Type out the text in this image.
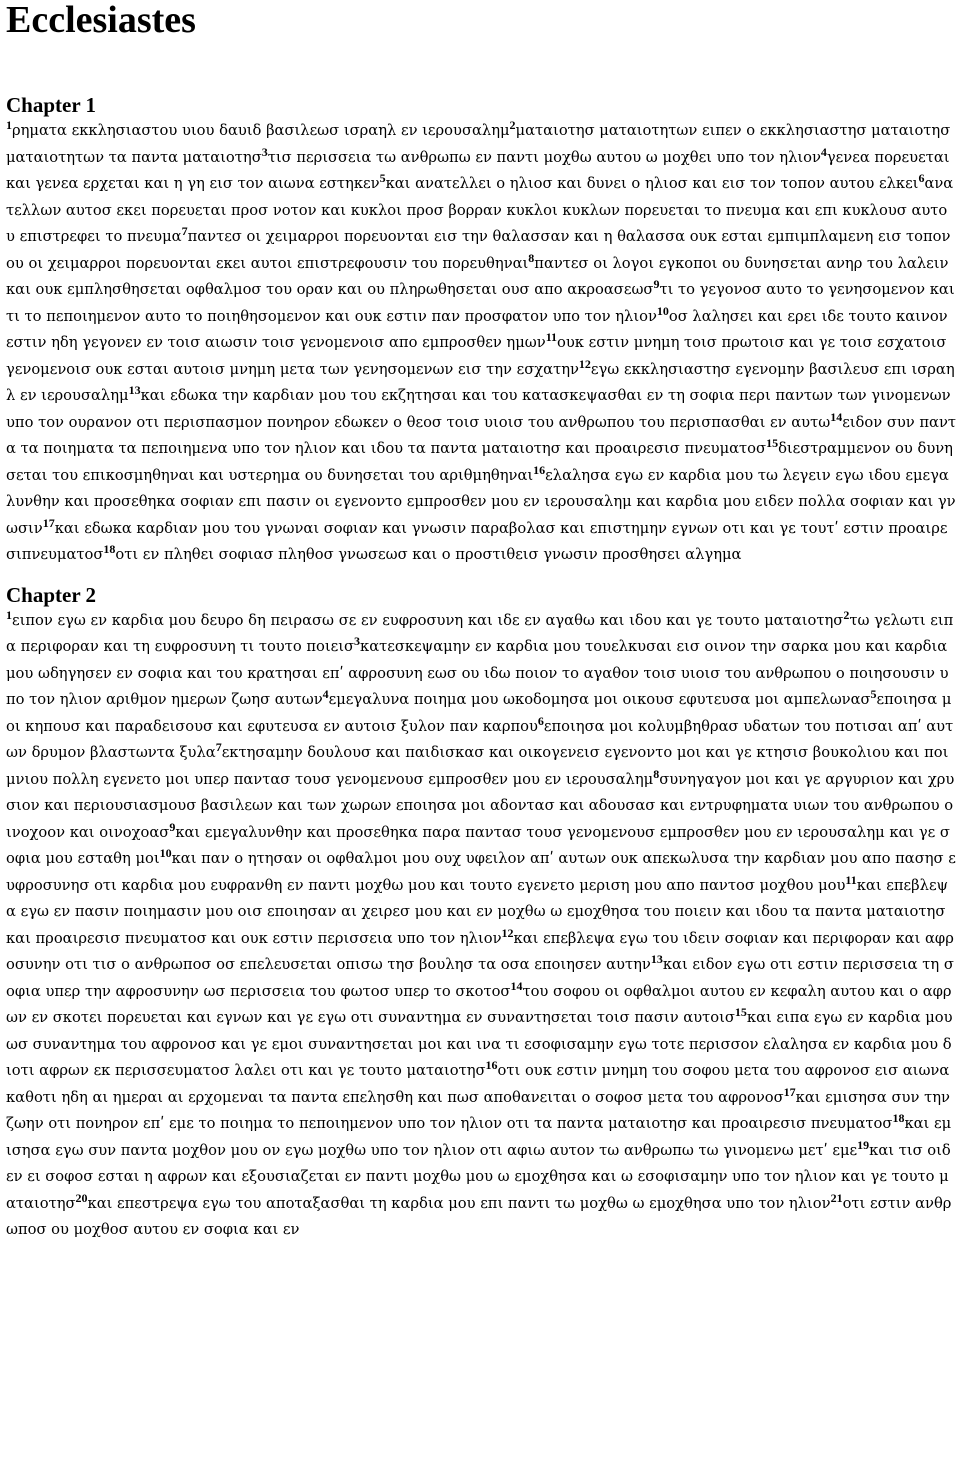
Ecclesiastes
Chapter 1
$^1$ρηματα εκκλησιαστου υιου δαυιδ βασιλεωσ ισραηλ εν ιερουσαλημ$^2$ματαιοτησ ματαιοτητων ειπεν ο εκκλησιαστησ ματαιοτησ ματαιοτητων τα παντα ματαιοτησ$^3$τισ περισσεια τω ανθρωπω εν παντι μοχθω αυτου ω μοχθει υπο τον ηλιον$^4$γενεα πορευεται και γενεα ερχεται και η γη εισ τον αιωνα εστηκεν$^5$και ανατελλει ο ηλιοσ και δυνει ο ηλιοσ και εισ τον τοπον αυτου ελκει$^6$ανατελλων αυτοσ εκει πορευεται προσ νοτον και κυκλοι προσ βορραν κυκλοι κυκλων πορευεται το πνευμα και επι κυκλουσ αυτου επιστρεφει το πνευμα$^7$παντεσ οι χειμαρροι πορευονται εισ την θαλασσαν και η θαλασσα ουκ εσται εμπιμπλαμενη εισ τοπον ου οι χειμαρροι πορευονται εκει αυτοι επιστρεφουσιν του πορευθηναι$^8$παντεσ οι λογοι εγκοποι ου δυνησεται ανηρ του λαλειν και ουκ εμπλησθησεται οφθαλμοσ του οραν και ου πληρωθησεται ουσ απο ακροασεωσ$^9$τι το γεγονοσ αυτο το γενησομενον και τι το πεποιημενον αυτο το ποιηθησομενον και ουκ εστιν παν προσφατον υπο τον ηλιον$^{10}$οσ λαλησει και ερει ιδε τουτο καινον εστιν ηδη γεγονεν εν τοισ αιωσιν τοισ γενομενοισ απο εμπροσθεν ημων$^{11}$ουκ εστιν μνημη τοισ πρωτοισ και γε τοισ εσχατοισ γενομενοισ ουκ εσται αυτοισ μνημη μετα των γενησομενων εισ την εσχατην$^{12}$εγω εκκλησιαστησ εγενομην βασιλευσ επι ισραηλ εν ιερουσαλημ$^{13}$και εδωκα την καρδιαν μου του εκζητησαι και του κατασκεψασθαι εν τη σοφια περι παντων των γινομενων υπο τον ουρανον οτι περισπασμον πονηρον εδωκεν ο θεοσ τοισ υιοισ του ανθρωπου του περισπασθαι εν αυτω$^{14}$ειδον συν παντα τα ποιηματα τα πεποιημενα υπο τον ηλιον και ιδου τα παντα ματαιοτησ και προαιρεσισ πνευματοσ$^{15}$διεστραμμενον ου δυνησεται του επικοσμηθηναι και υστερημα ου δυνησεται του αριθμηθηναι$^{16}$ελαλησα εγω εν καρδια μου τω λεγειν εγω ιδου εμεγαλυνθην και προσεθηκα σοφιαν επι πασιν οι εγενοντο εμπροσθεν μου εν ιερουσαλημ και καρδια μου ειδεν πολλα σοφιαν και γνωσιν$^{17}$και εδωκα καρδιαν μου του γνωναι σοφιαν και γνωσιν παραβολασ και επιστημην εγνων οτι και γε τουτʹ εστιν προαιρεσιπνευματοσ$^{18}$οτι εν πληθει σοφιασ πληθοσ γνωσεωσ και ο προστιθεισ γνωσιν προσθησει αλγημα
Chapter 2
$^1$ειπον εγω εν καρδια μου δευρο δη πειρασω σε εν ευφροσυνη και ιδε εν αγαθω και ιδου και γε τουτο ματαιοτησ$^2$τω γελωτι ειπα περιφοραν και τη ευφροσυνη τι τουτο ποιεισ$^3$κατεσκεψαμην εν καρδια μου τουελκυσαι εισ οινον την σαρκα μου και καρδια μου ωδηγησεν εν σοφια και του κρατησαι επʹ αφροσυνη εωσ ου ιδω ποιον το αγαθον τοισ υιοισ του ανθρωπου ο ποιησουσιν υπο τον ηλιον αριθμον ημερων ζωησ αυτων$^4$εμεγαλυνα ποιημα μου ωκοδομησα μοι οικουσ εφυτευσα μοι αμπελωνασ$^5$εποιησα μοι κηπουσ και παραδεισουσ και εφυτευσα εν αυτοισ ξυλον παν καρπου$^6$εποιησα μοι κολυμβηθρασ υδατων του ποτισαι απʹ αυτων δρυμον βλαστωντα ξυλα$^7$εκτησαμην δουλουσ και παιδισκασ και οικογενεισ εγενοντο μοι και γε κτησισ βουκολιου και ποιμνιου πολλη εγενετο μοι υπερ παντασ τουσ γενομενουσ εμπροσθεν μου εν ιερουσαλημ$^8$συνηγαγον μοι και γε αργυριον και χρυσιον και περιουσιασμουσ βασιλεων και των χωρων εποιησα μοι αδοντασ και αδουσασ και εντρυφηματα υιων του ανθρωπου οινοχοον και οινοχοασ$^9$και εμεγαλυνθην και προσεθηκα παρα παντασ τουσ γενομενουσ εμπροσθεν μου εν ιερουσαλημ και γε σοφια μου εσταθη μοι$^{10}$και παν ο ητησαν οι οφθαλμοι μου ουχ υφειλον απʹ αυτων ουκ απεκωλυσα την καρδιαν μου απο πασησ ευφροσυνησ οτι καρδια μου ευφρανθη εν παντι μοχθω μου και τουτο εγενετο μεριση μου απο παντοσ μοχθου μου$^{11}$και επεβλεψα εγω εν πασιν ποιημασιν μου οισ εποιησαν αι χειρεσ μου και εν μοχθω ω εμοχθησα του ποιειν και ιδου τα παντα ματαιοτησ και προαιρεσισ πνευματοσ και ουκ εστιν περισσεια υπο τον ηλιον$^{12}$και επεβλεψα εγω του ιδειν σοφιαν και περιφοραν και αφροσυνην οτι τισ ο ανθρωποσ οσ επελευσεται οπισω τησ βουλησ τα οσα εποιησεν αυτην$^{13}$και ειδον εγω οτι εστιν περισσεια τη σοφια υπερ την αφροσυνην ωσ περισσεια του φωτοσ υπερ το σκοτοσ$^{14}$του σοφου οι οφθαλμοι αυτου εν κεφαλη αυτου και ο αφρων εν σκοτει πορευεται και εγνων και γε εγω οτι συναντημα εν συναντησεται τοισ πασιν αυτοισ$^{15}$και ειπα εγω εν καρδια μου ωσ συναντημα του αφρονοσ και γε εμοι συναντησεται μοι και ινα τι εσοφισαμην εγω τοτε περισσον ελαλησα εν καρδια μου διοτι αφρων εκ περισσευματοσ λαλει οτι και γε τουτο ματαιοτησ$^{16}$οτι ουκ εστιν μνημη του σοφου μετα του αφρονοσ εισ αιωνα καθοτι ηδη αι ημεραι αι ερχομεναι τα παντα επελησθη και πωσ αποθανειται ο σοφοσ μετα του αφρονοσ$^{17}$και εμισησα συν την ζωην οτι πονηρον επʹ εμε το ποιημα το πεποιημενον υπο τον ηλιον οτι τα παντα ματαιοτησ και προαιρεσισ πνευματοσ$^{18}$και εμισησα εγω συν παντα μοχθον μου ον εγω μοχθω υπο τον ηλιον οτι αφιω αυτον τω ανθρωπω τω γινομενω μετʹ εμε$^{19}$και τισ οιδεν ει σοφοσ εσται η αφρων και εξουσιαζεται εν παντι μοχθω μου ω εμοχθησα και ω εσοφισαμην υπο τον ηλιον και γε τουτο ματαιοτησ$^{20}$και επεστρεψα εγω του αποταξασθαι τη καρδια μου επι παντι τω μοχθω ω εμοχθησα υπο τον ηλιον$^{21}$οτι εστιν ανθρωποσ ου μοχθοσ αυτου εν σοφια και εν
